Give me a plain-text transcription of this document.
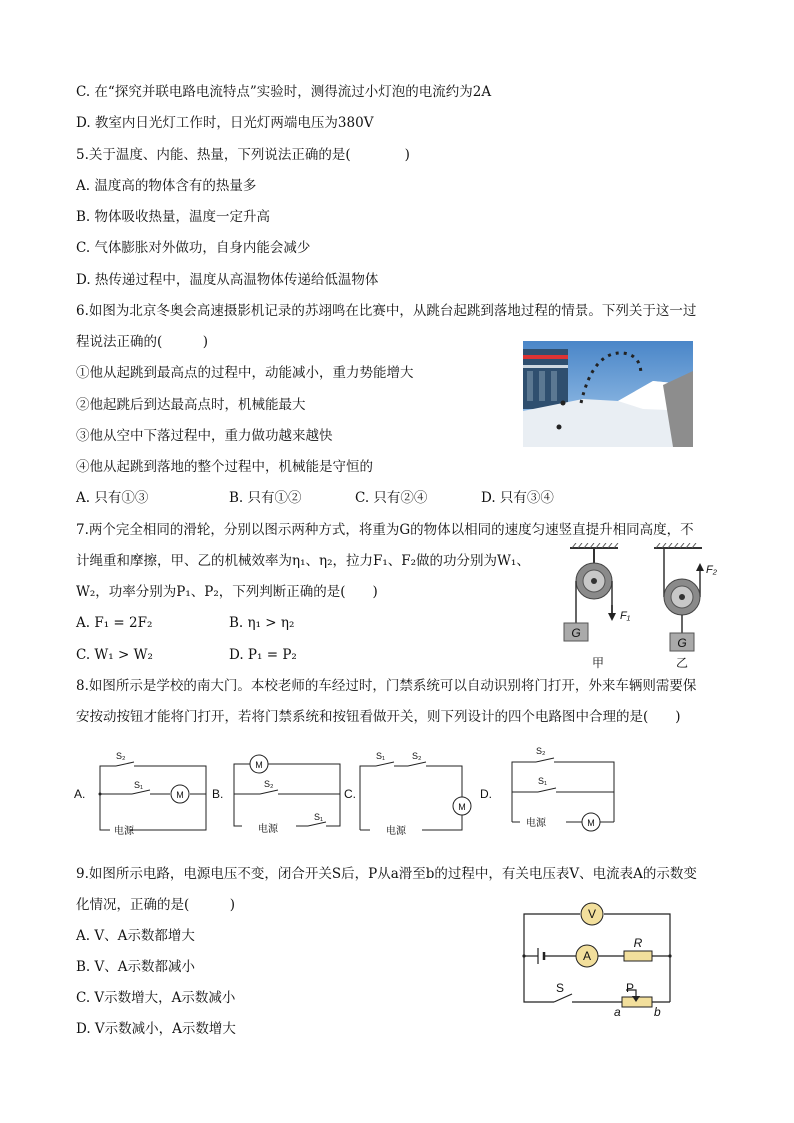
C. 在“探究并联电路电流特点”实验时，测得流过小灯泡的电流约为2A
D. 教室内日光灯工作时，日光灯两端电压为380V
5.关于温度、内能、热量，下列说法正确的是(　　　　)
A. 温度高的物体含有的热量多
B. 物体吸收热量，温度一定升高
C. 气体膨胀对外做功，自身内能会减少
D. 热传递过程中，温度从高温物体传递给低温物体
6.如图为北京冬奥会高速摄影机记录的苏翊鸣在比赛中，从跳台起跳到落地过程的情景。下列关于这一过
程说法正确的(　　　)
①他从起跳到最高点的过程中，动能减小，重力势能增大
②他起跳后到达最高点时，机械能最大
③他从空中下落过程中，重力做功越来越快
④他从起跳到落地的整个过程中，机械能是守恒的
A. 只有①③	B. 只有①②	C. 只有②④	D. 只有③④
7.两个完全相同的滑轮，分别以图示两种方式，将重为G的物体以相同的速度匀速竖直提升相同高度，不
计绳重和摩擦，甲、乙的机械效率为η₁、η₂，拉力F₁、F₂做的功分别为W₁、
W₂，功率分别为P₁、P₂，下列判断正确的是(　　)
A. F₁ = 2F₂	B. η₁ > η₂
C. W₁ > W₂	D. P₁ = P₂
G
F₁
甲
G
F₂
乙
8.如图所示是学校的南大门。本校老师的车经过时，门禁系统可以自动识别将门打开，外来车辆则需要保
安按动按钮才能将门打开，若将门禁系统和按钮看做开关，则下列设计的四个电路图中合理的是(　　)
A.
S₂
S₁
M
电源
B.
M
S₂
S₁
电源
C.
S₁	S₂
M
电源
D.
S₂
S₁
电源	M
9.如图所示电路，电源电压不变，闭合开关S后，P从a滑至b的过程中，有关电压表V、电流表A的示数变
化情况，正确的是(　　　)
A. V、A示数都增大
B. V、A示数都减小
C. V示数增大，A示数减小
D. V示数减小，A示数增大
V
A
R
S	P
a	b
